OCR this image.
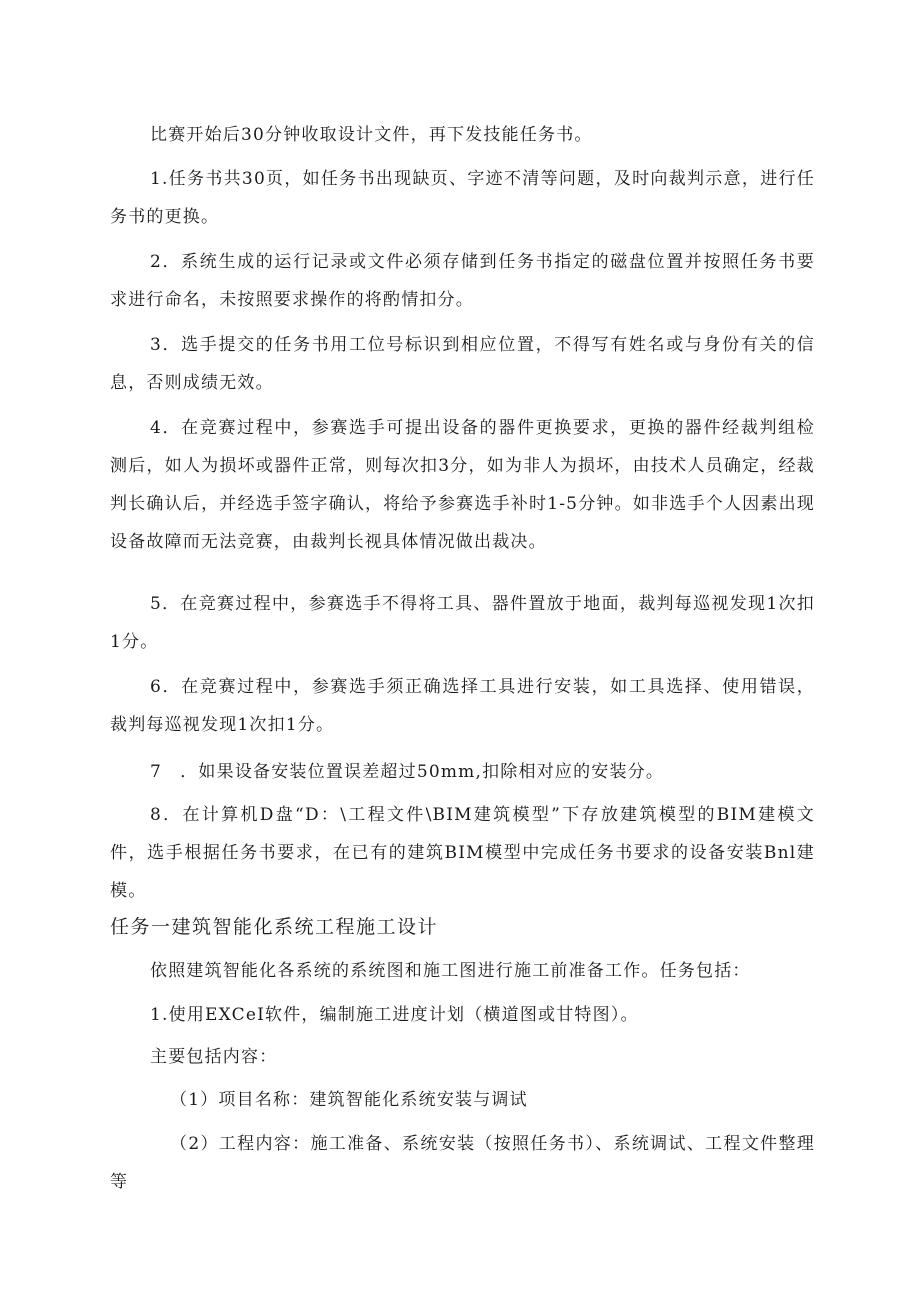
比赛开始后30分钟收取设计文件，再下发技能任务书。

1.任务书共30页，如任务书出现缺页、字迹不清等问题，及时向裁判示意，进行任务书的更换。

2．系统生成的运行记录或文件必须存储到任务书指定的磁盘位置并按照任务书要求进行命名，未按照要求操作的将酌情扣分。

3．选手提交的任务书用工位号标识到相应位置，不得写有姓名或与身份有关的信息，否则成绩无效。

4．在竞赛过程中，参赛选手可提出设备的器件更换要求，更换的器件经裁判组检测后，如人为损坏或器件正常，则每次扣3分，如为非人为损坏，由技术人员确定，经裁判长确认后，并经选手签字确认，将给予参赛选手补时1-5分钟。如非选手个人因素出现设备故障而无法竞赛，由裁判长视具体情况做出裁决。

5．在竞赛过程中，参赛选手不得将工具、器件置放于地面，裁判每巡视发现1次扣1分。

6．在竞赛过程中，参赛选手须正确选择工具进行安装，如工具选择、使用错误，裁判每巡视发现1次扣1分。

7　．如果设备安装位置误差超过50mm,扣除相对应的安装分。

8．在计算机D盘“D：\工程文件\BIM建筑模型”下存放建筑模型的BIM建模文件，选手根据任务书要求，在已有的建筑BIM模型中完成任务书要求的设备安装Bnl建模。

任务一建筑智能化系统工程施工设计

依照建筑智能化各系统的系统图和施工图进行施工前准备工作。任务包括：

1.使用EXCeI软件，编制施工进度计划（横道图或甘特图）。

主要包括内容：

（1）项目名称：建筑智能化系统安装与调试

（2）工程内容：施工准备、系统安装（按照任务书）、系统调试、工程文件整理等
